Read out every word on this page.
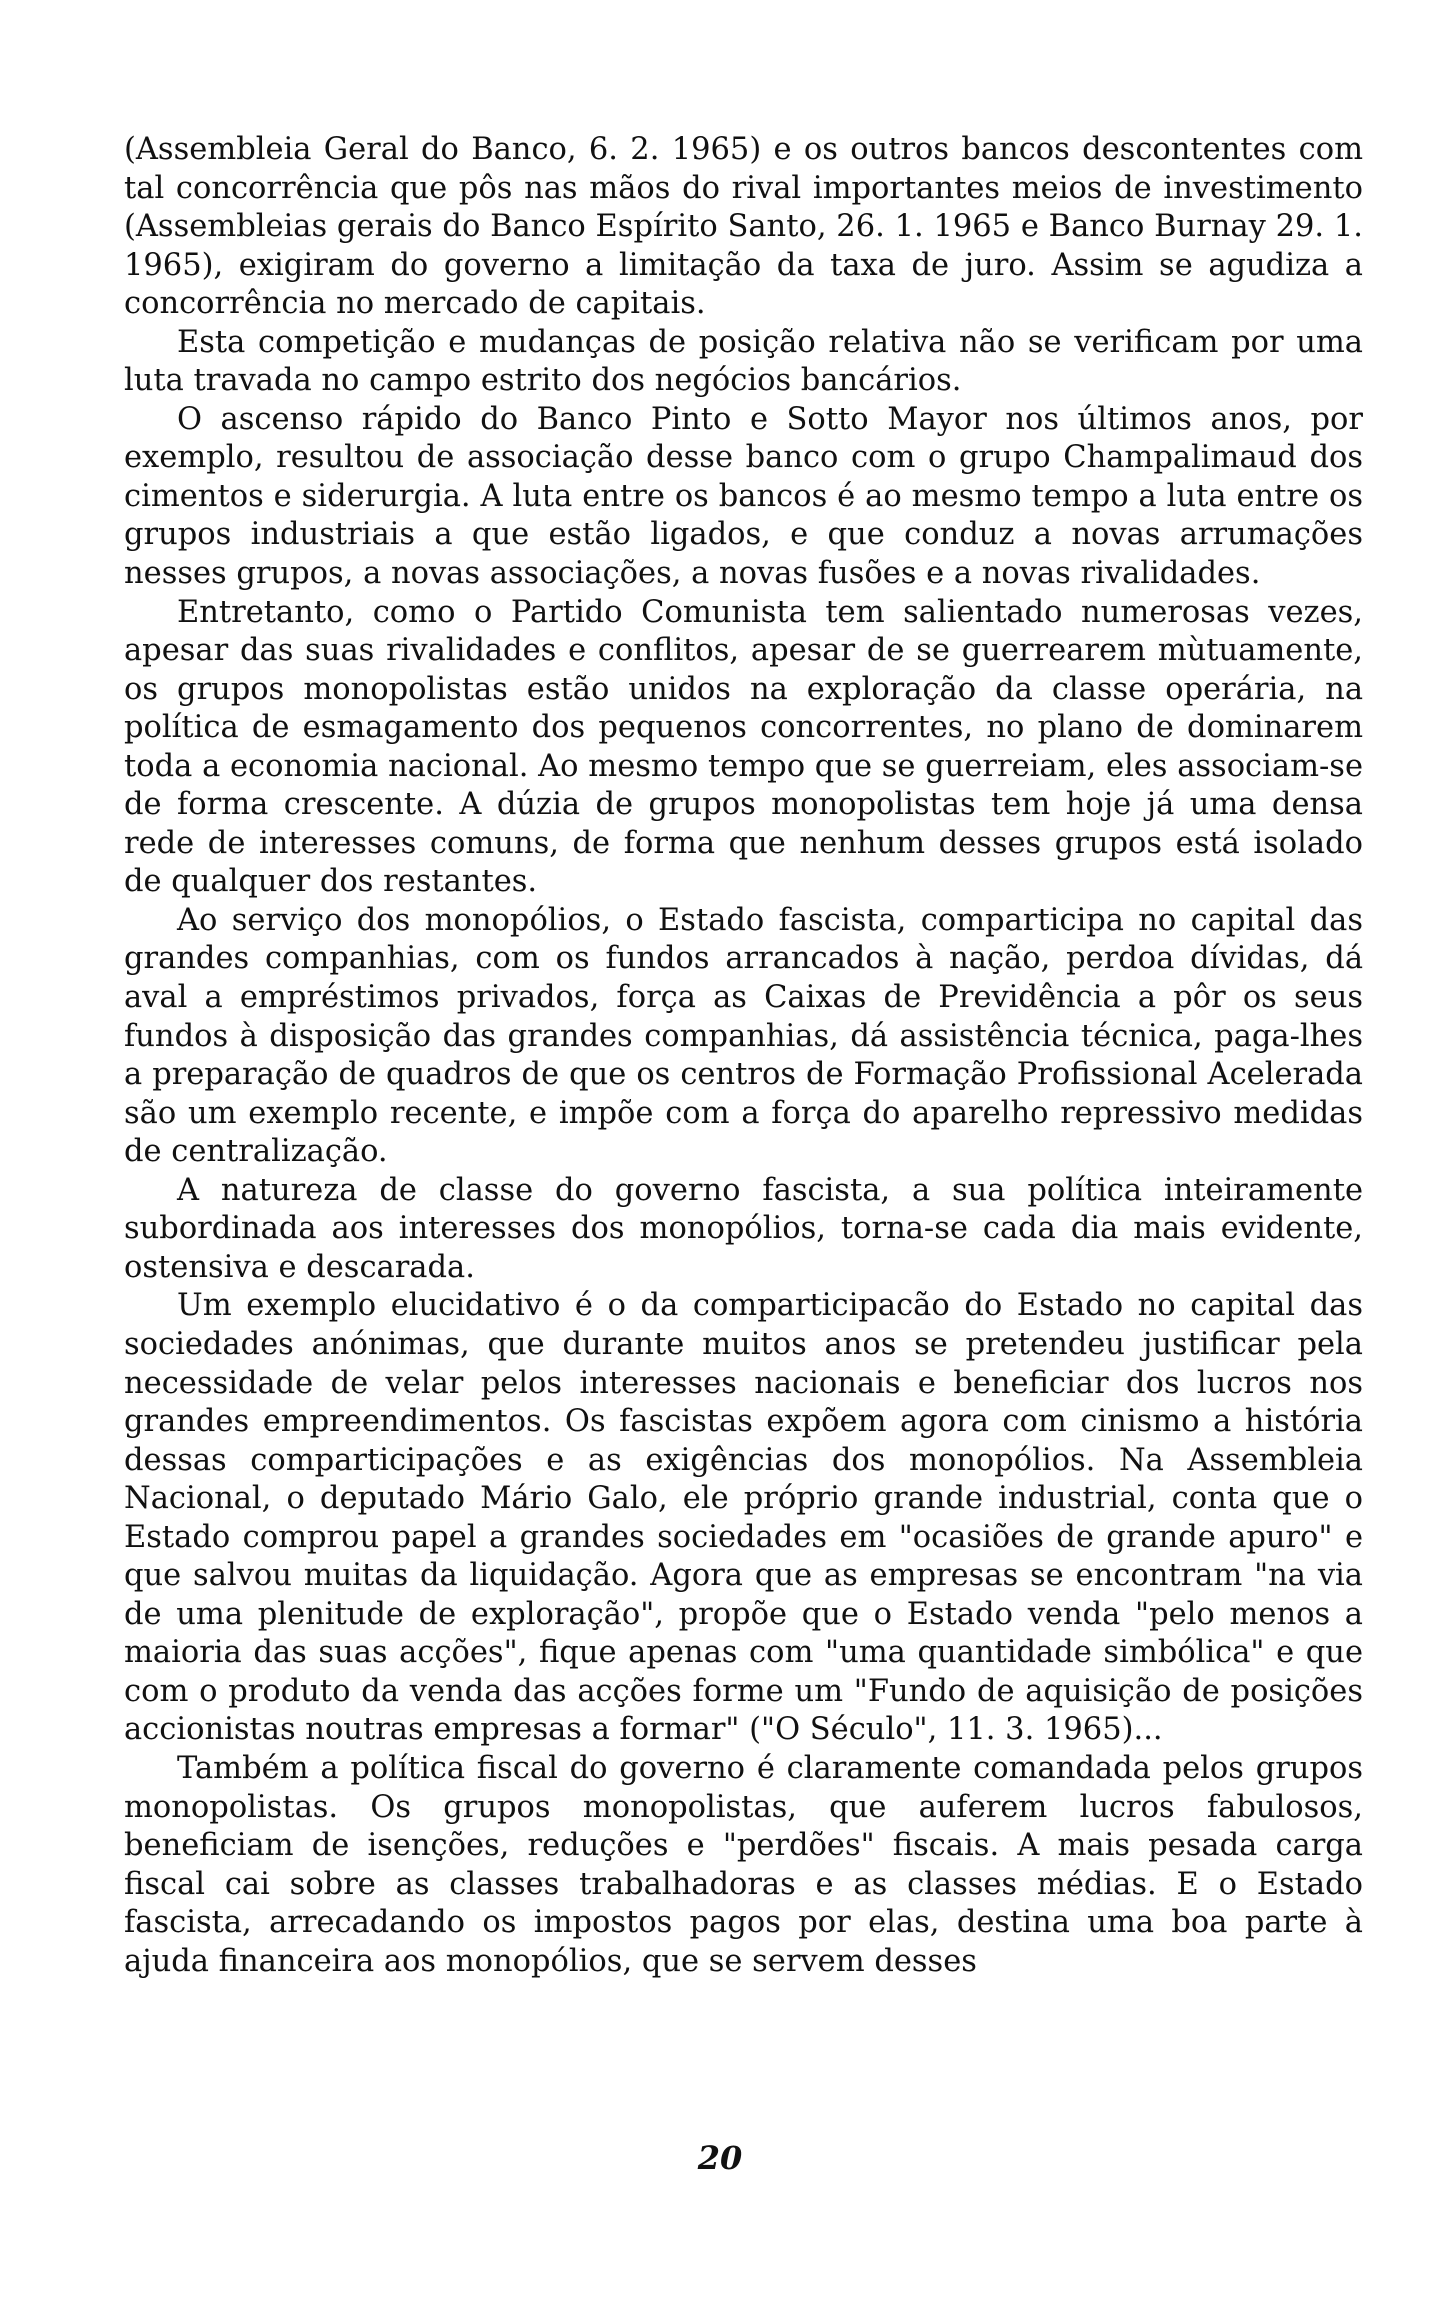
(Assembleia Geral do Banco, 6. 2. 1965) e os outros bancos descontentes com tal concorrência que pôs nas mãos do rival importantes meios de investimento (Assembleias gerais do Banco Espírito Santo, 26. 1. 1965 e Banco Burnay 29. 1. 1965), exigiram do governo a limitação da taxa de juro. Assim se agudiza a concorrência no mercado de capitais.

Esta competição e mudanças de posição relativa não se verificam por uma luta travada no campo estrito dos negócios bancários.

O ascenso rápido do Banco Pinto e Sotto Mayor nos últimos anos, por exemplo, resultou de associação desse banco com o grupo Champalimaud dos cimentos e siderurgia. A luta entre os bancos é ao mesmo tempo a luta entre os grupos industriais a que estão ligados, e que conduz a novas arrumações nesses grupos, a novas associações, a novas fusões e a novas rivalidades.

Entretanto, como o Partido Comunista tem salientado numerosas vezes, apesar das suas rivalidades e conflitos, apesar de se guerrearem mùtuamente, os grupos monopolistas estão unidos na exploração da classe operária, na política de esmagamento dos pequenos concorrentes, no plano de dominarem toda a economia nacional. Ao mesmo tempo que se guerreiam, eles associam-se de forma crescente. A dúzia de grupos monopolistas tem hoje já uma densa rede de interesses comuns, de forma que nenhum desses grupos está isolado de qualquer dos restantes.

Ao serviço dos monopólios, o Estado fascista, comparticipa no capital das grandes companhias, com os fundos arrancados à nação, perdoa dívidas, dá aval a empréstimos privados, força as Caixas de Previdência a pôr os seus fundos à disposição das grandes companhias, dá assistência técnica, paga-lhes a preparação de quadros de que os centros de Formação Profissional Acelerada são um exemplo recente, e impõe com a força do aparelho repressivo medidas de centralização.

A natureza de classe do governo fascista, a sua política inteiramente subordinada aos interesses dos monopólios, torna-se cada dia mais evidente, ostensiva e descarada.

Um exemplo elucidativo é o da comparticipacão do Estado no capital das sociedades anónimas, que durante muitos anos se pretendeu justificar pela necessidade de velar pelos interesses nacionais e beneficiar dos lucros nos grandes empreendimentos. Os fascistas expõem agora com cinismo a história dessas comparticipações e as exigências dos monopólios. Na Assembleia Nacional, o deputado Mário Galo, ele próprio grande industrial, conta que o Estado comprou papel a grandes sociedades em "ocasiões de grande apuro" e que salvou muitas da liquidação. Agora que as empresas se encontram "na via de uma plenitude de exploração", propõe que o Estado venda "pelo menos a maioria das suas acções", fique apenas com "uma quantidade simbólica" e que com o produto da venda das acções forme um "Fundo de aquisição de posições accionistas noutras empresas a formar" ("O Século", 11. 3. 1965)...

Também a política fiscal do governo é claramente comandada pelos grupos monopolistas. Os grupos monopolistas, que auferem lucros fabulosos, beneficiam de isenções, reduções e "perdões" fiscais. A mais pesada carga fiscal cai sobre as classes trabalhadoras e as classes médias. E o Estado fascista, arrecadando os impostos pagos por elas, destina uma boa parte à ajuda financeira aos monopólios, que se servem desses

20
